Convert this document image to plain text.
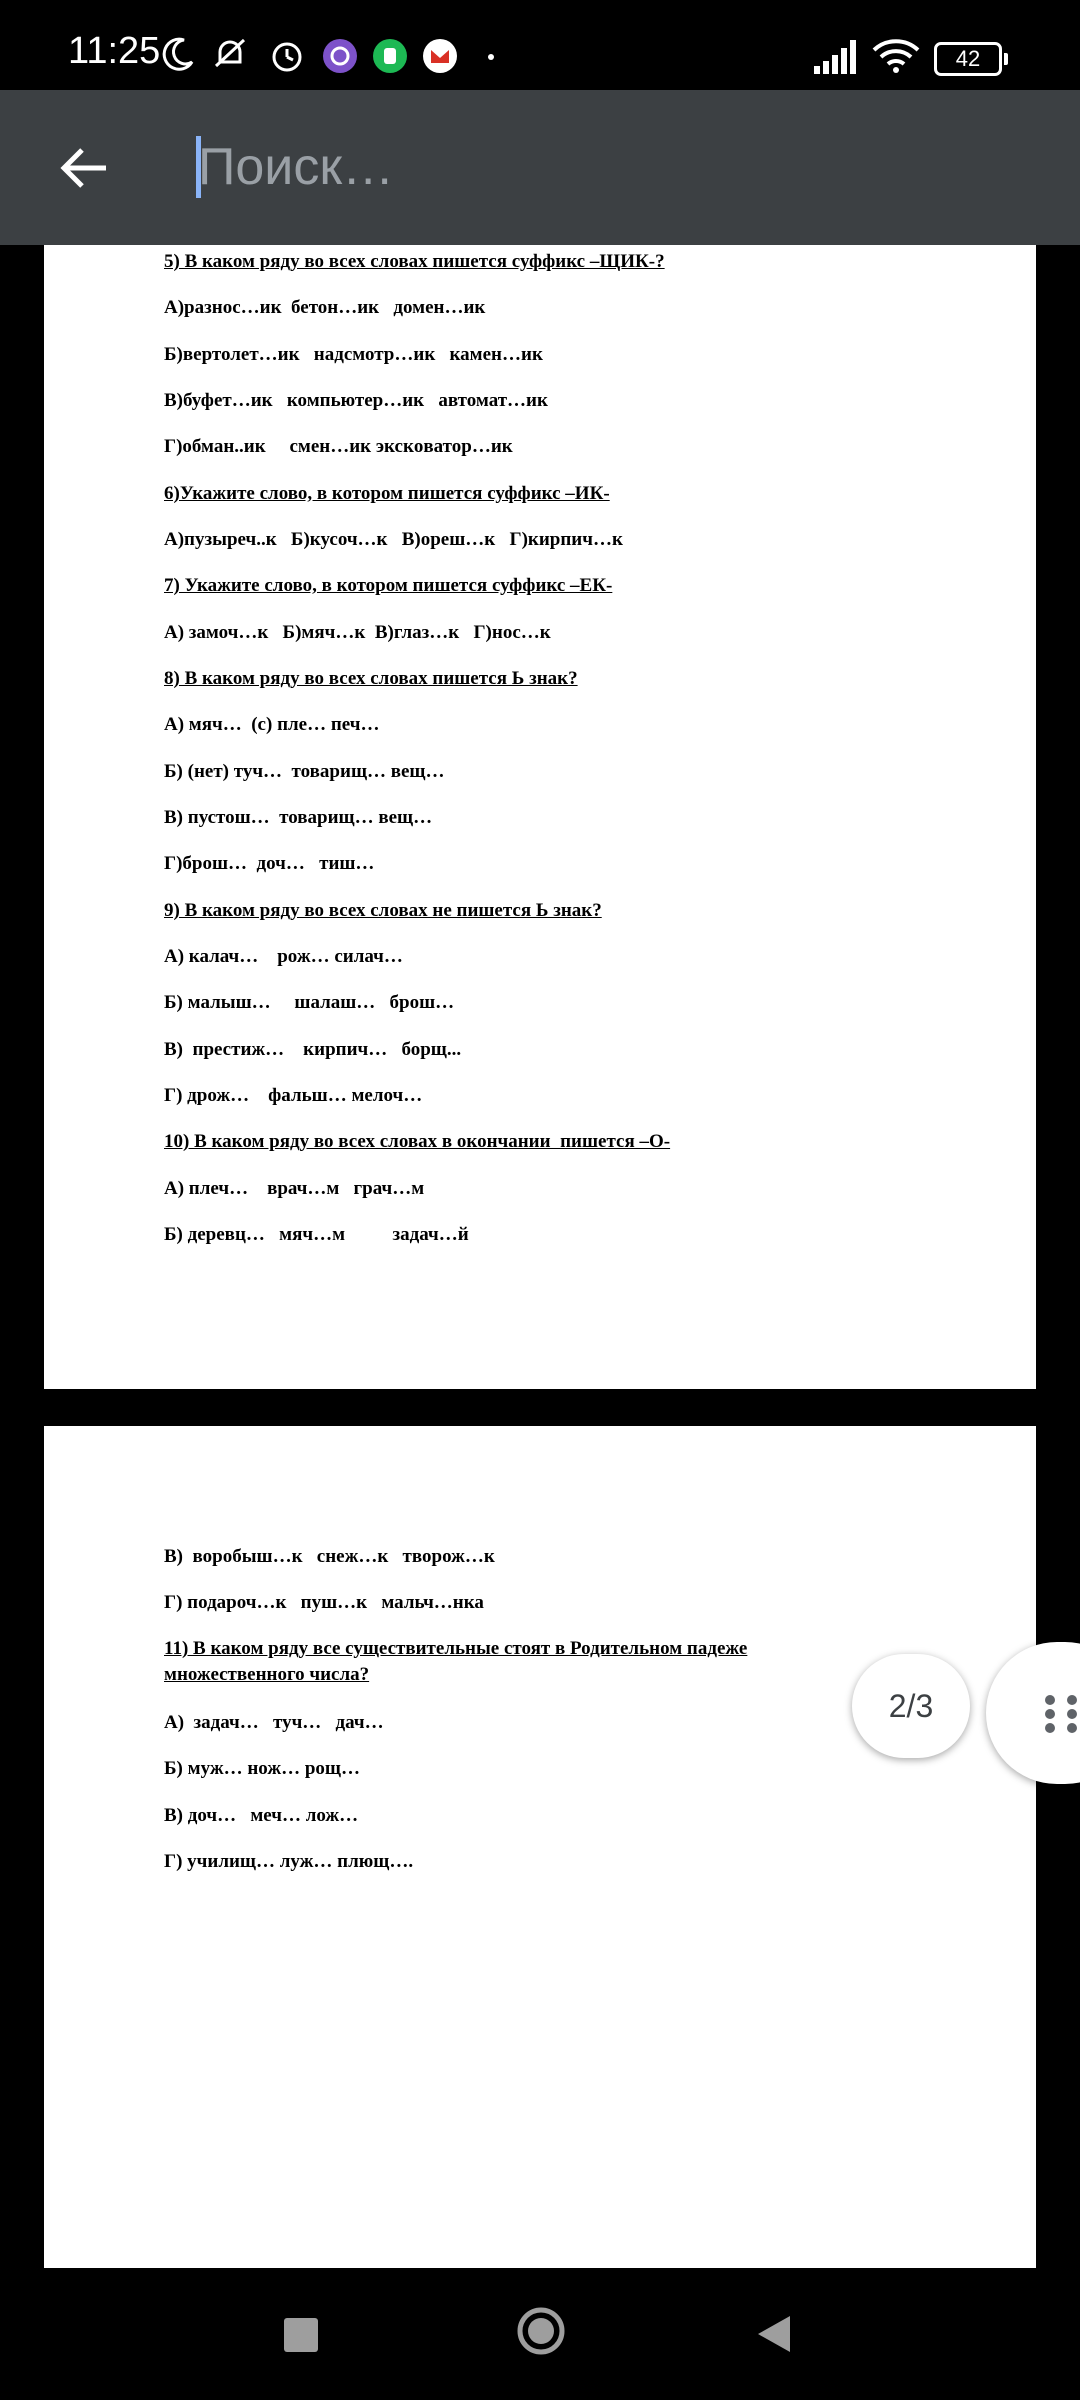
11:25	42
Поиск…
5) В каком ряду во всех словах пишется суффикс –ЩИК-?
А)разнос…ик  бетон…ик   домен…ик
Б)вертолет…ик   надсмотр…ик   камен…ик
В)буфет…ик   компьютер…ик   автомат…ик
Г)обман..ик     смен…ик экскoватор…ик
6)Укажите слово, в котором пишется суффикс –ИК-
А)пузыреч..к   Б)кусоч…к   В)ореш…к   Г)кирпич…к
7) Укажите слово, в котором пишется суффикс –ЕК-
А) замоч…к   Б)мяч…к  В)глаз…к   Г)нос…к
8) В каком ряду во всех словах пишется Ь знак?
А) мяч…  (с) пле… печ…
Б) (нет) туч…  товарищ… вещ…
В) пустош…  товарищ… вещ…
Г)брош…  доч…   тиш…
9) В каком ряду во всех словах не пишется Ь знак?
А) калач…    рож… силач…
Б) малыш…     шалаш…   брош…
В)  престиж…    кирпич…   борщ...
Г) дрож…    фальш… мелоч…
10) В каком ряду во всех словах в окончании  пишется –О-
А) плеч…    врач…м   грач…м
Б) деревц…   мяч…м          задач…й
В)  воробыш…к   снеж…к   творож…к
Г) подароч…к   пуш…к   мальч…нка
11) В каком ряду все существительные стоят в Родительном падеже
множественного числа?
А)  задач…   туч…   дач…
Б) муж… нож… рощ…
В) доч…   меч… лож…
Г) училищ… луж… плющ….
2/3
